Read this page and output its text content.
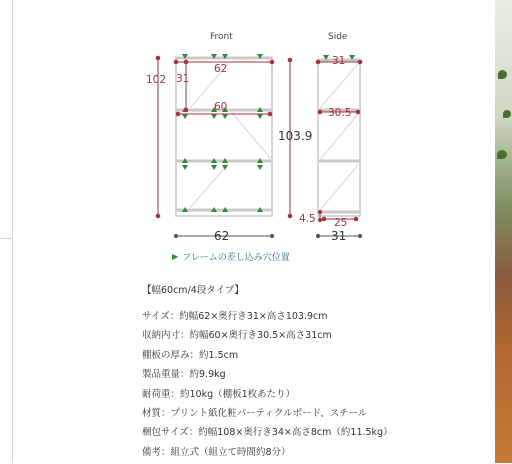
Front	Side
102 31
62
60
31
30.5
25
4.5
103.9
62	31
▶ フレームの差し込み穴位置
【幅60cm/4段タイプ】
サイズ：約幅62×奥行き31×高さ103.9cm
収納内寸：約幅60×奥行き30.5×高さ31cm
棚板の厚み：約1.5cm
製品重量：約9.9kg
耐荷重：約10kg（棚板1枚あたり）
材質：プリント紙化粧パーティクルボード、スチール
梱包サイズ：約幅108×奥行き34×高さ8cm（約11.5kg）
備考：組立式（組立て時間約8分）
